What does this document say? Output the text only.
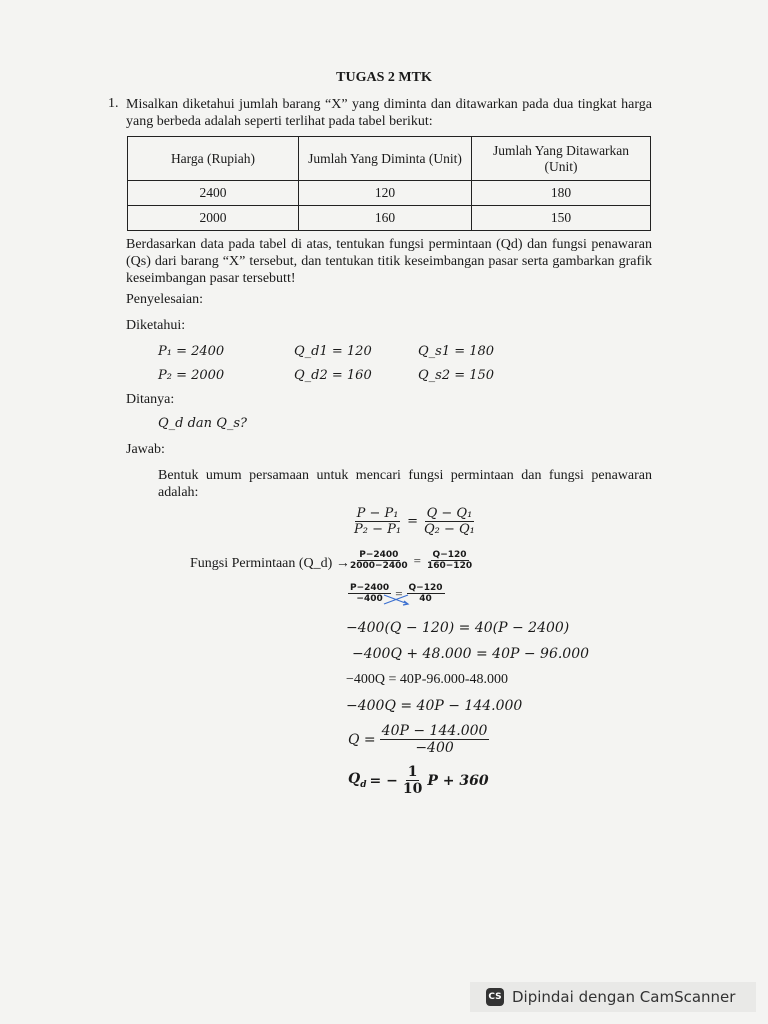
TUGAS 2 MTK
1. Misalkan diketahui jumlah barang “X” yang diminta dan ditawarkan pada dua tingkat harga yang berbeda adalah seperti terlihat pada tabel berikut:
Harga (Rupiah)	Jumlah Yang Diminta (Unit)	Jumlah Yang Ditawarkan (Unit)
2400	120	180
2000	160	150
Berdasarkan data pada tabel di atas, tentukan fungsi permintaan (Qd) dan fungsi penawaran (Qs) dari barang “X” tersebut, dan tentukan titik keseimbangan pasar serta gambarkan grafik keseimbangan pasar tersebutt!
Penyelesaian:
Diketahui:
P₁ = 2400	Q_d1 = 120	Q_s1 = 180
P₂ = 2000	Q_d2 = 160	Q_s2 = 150
Ditanya:
Q_d dan Q_s?
Jawab:
Bentuk umum persamaan untuk mencari fungsi permintaan dan fungsi penawaran adalah:
$\frac{\text{P − P₁}}{\text{P₂ − P₁}} = \frac{\text{Q − Q₁}}{\text{Q₂ − Q₁}}$
Fungsi Permintaan (Q_d) →
$\frac{P-2400}{2000-2400} = \frac{Q-120}{160-120}$
$\frac{P-2400}{-400} = \frac{Q-120}{40}$
−400(Q − 120) = 40(P − 2400)
−400Q + 48.000 = 40P − 96.000
−400Q = 40P-96.000-48.000
−400Q = 40P − 144.000
$Q = \frac{40P - 144.000}{-400}$
$Q_d$ = − $\frac{1}{10}$ P + 360
CS Dipindai dengan CamScanner
